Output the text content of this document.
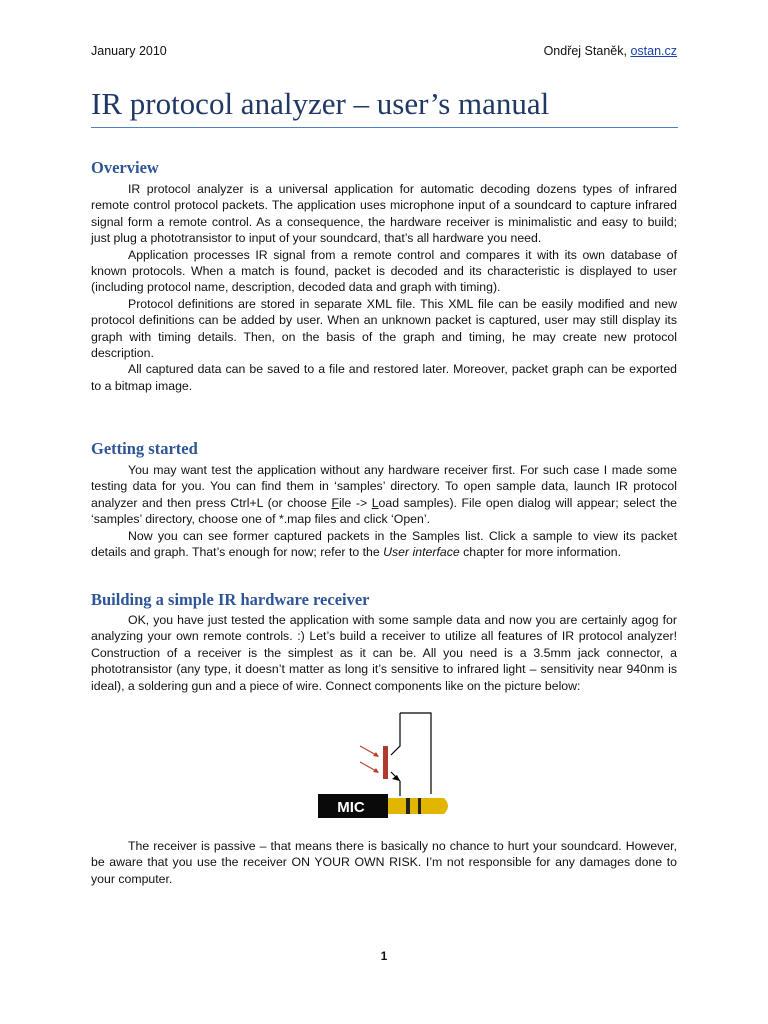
January 2010	Ondřej Staněk, ostan.cz
IR protocol analyzer – user’s manual
Overview

IR protocol analyzer is a universal application for automatic decoding dozens types of infrared remote control protocol packets. The application uses microphone input of a soundcard to capture infrared signal form a remote control. As a consequence, the hardware receiver is minimalistic and easy to build; just plug a phototransistor to input of your soundcard, that’s all hardware you need.

Application processes IR signal from a remote control and compares it with its own database of known protocols. When a match is found, packet is decoded and its characteristic is displayed to user (including protocol name, description, decoded data and graph with timing).

Protocol definitions are stored in separate XML file. This XML file can be easily modified and new protocol definitions can be added by user. When an unknown packet is captured, user may still display its graph with timing details. Then, on the basis of the graph and timing, he may create new protocol description.

All captured data can be saved to a file and restored later. Moreover, packet graph can be exported to a bitmap image.

Getting started

You may want test the application without any hardware receiver first. For such case I made some testing data for you. You can find them in ‘samples’ directory. To open sample data, launch IR protocol analyzer and then press Ctrl+L (or choose File -> Load samples). File open dialog will appear; select the ‘samples’ directory, choose one of *.map files and click ‘Open’.

Now you can see former captured packets in the Samples list. Click a sample to view its packet details and graph. That’s enough for now; refer to the User interface chapter for more information.

Building a simple IR hardware receiver

OK, you have just tested the application with some sample data and now you are certainly agog for analyzing your own remote controls. :) Let’s build a receiver to utilize all features of IR protocol analyzer! Construction of a receiver is the simplest as it can be. All you need is a 3.5mm jack connector, a phototransistor (any type, it doesn’t matter as long it’s sensitive to infrared light – sensitivity near 940nm is ideal), a soldering gun and a piece of wire. Connect components like on the picture below:

MIC

The receiver is passive – that means there is basically no chance to hurt your soundcard. However, be aware that you use the receiver ON YOUR OWN RISK. I’m not responsible for any damages done to your computer.

1
